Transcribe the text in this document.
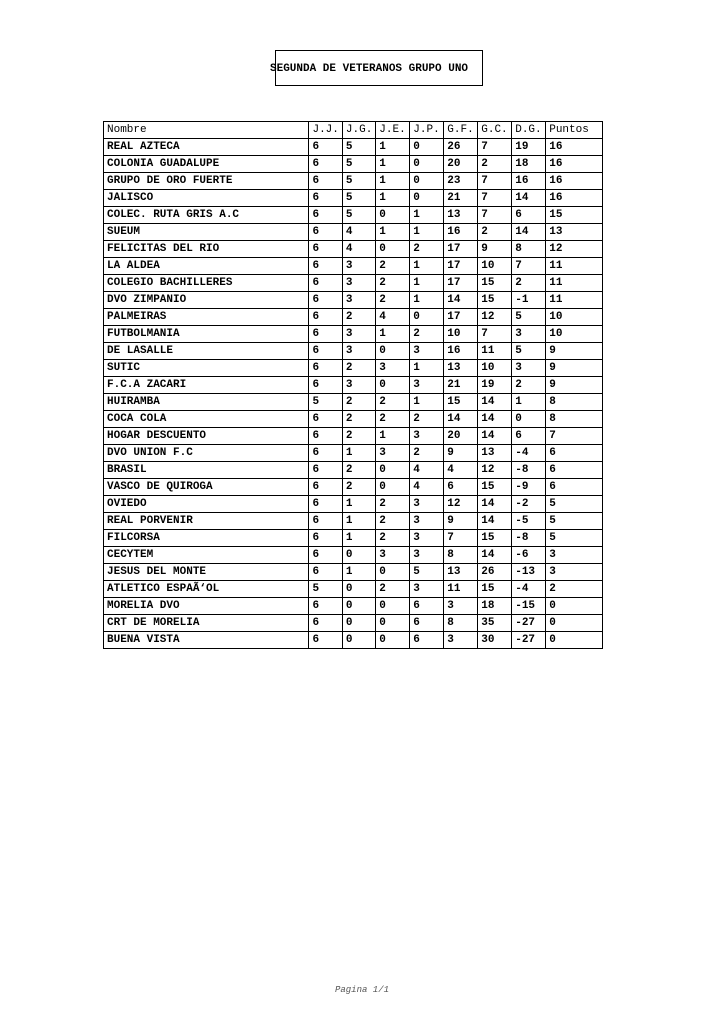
SEGUNDA DE VETERANOS GRUPO UNO
Nombre	J.J.	J.G.	J.E.	J.P.	G.F.	G.C.	D.G.	Puntos
REAL AZTECA	6	5	1	0	26	7	19	16
COLONIA GUADALUPE	6	5	1	0	20	2	18	16
GRUPO DE ORO FUERTE	6	5	1	0	23	7	16	16
JALISCO	6	5	1	0	21	7	14	16
COLEC. RUTA GRIS A.C	6	5	0	1	13	7	6	15
SUEUM	6	4	1	1	16	2	14	13
FELICITAS DEL RIO	6	4	0	2	17	9	8	12
LA ALDEA	6	3	2	1	17	10	7	11
COLEGIO BACHILLERES	6	3	2	1	17	15	2	11
DVO ZIMPANIO	6	3	2	1	14	15	-1	11
PALMEIRAS	6	2	4	0	17	12	5	10
FUTBOLMANIA	6	3	1	2	10	7	3	10
DE LASALLE	6	3	0	3	16	11	5	9
SUTIC	6	2	3	1	13	10	3	9
F.C.A ZACARI	6	3	0	3	21	19	2	9
HUIRAMBA	5	2	2	1	15	14	1	8
COCA COLA	6	2	2	2	14	14	0	8
HOGAR DESCUENTO	6	2	1	3	20	14	6	7
DVO UNION F.C	6	1	3	2	9	13	-4	6
BRASIL	6	2	0	4	4	12	-8	6
VASCO DE QUIROGA	6	2	0	4	6	15	-9	6
OVIEDO	6	1	2	3	12	14	-2	5
REAL PORVENIR	6	1	2	3	9	14	-5	5
FILCORSA	6	1	2	3	7	15	-8	5
CECYTEM	6	0	3	3	8	14	-6	3
JESUS DEL MONTE	6	1	0	5	13	26	-13	3
ATLETICO ESPAÃ‘OL	5	0	2	3	11	15	-4	2
MORELIA DVO	6	0	0	6	3	18	-15	0
CRT DE MORELIA	6	0	0	6	8	35	-27	0
BUENA VISTA	6	0	0	6	3	30	-27	0
Pagina 1/1
